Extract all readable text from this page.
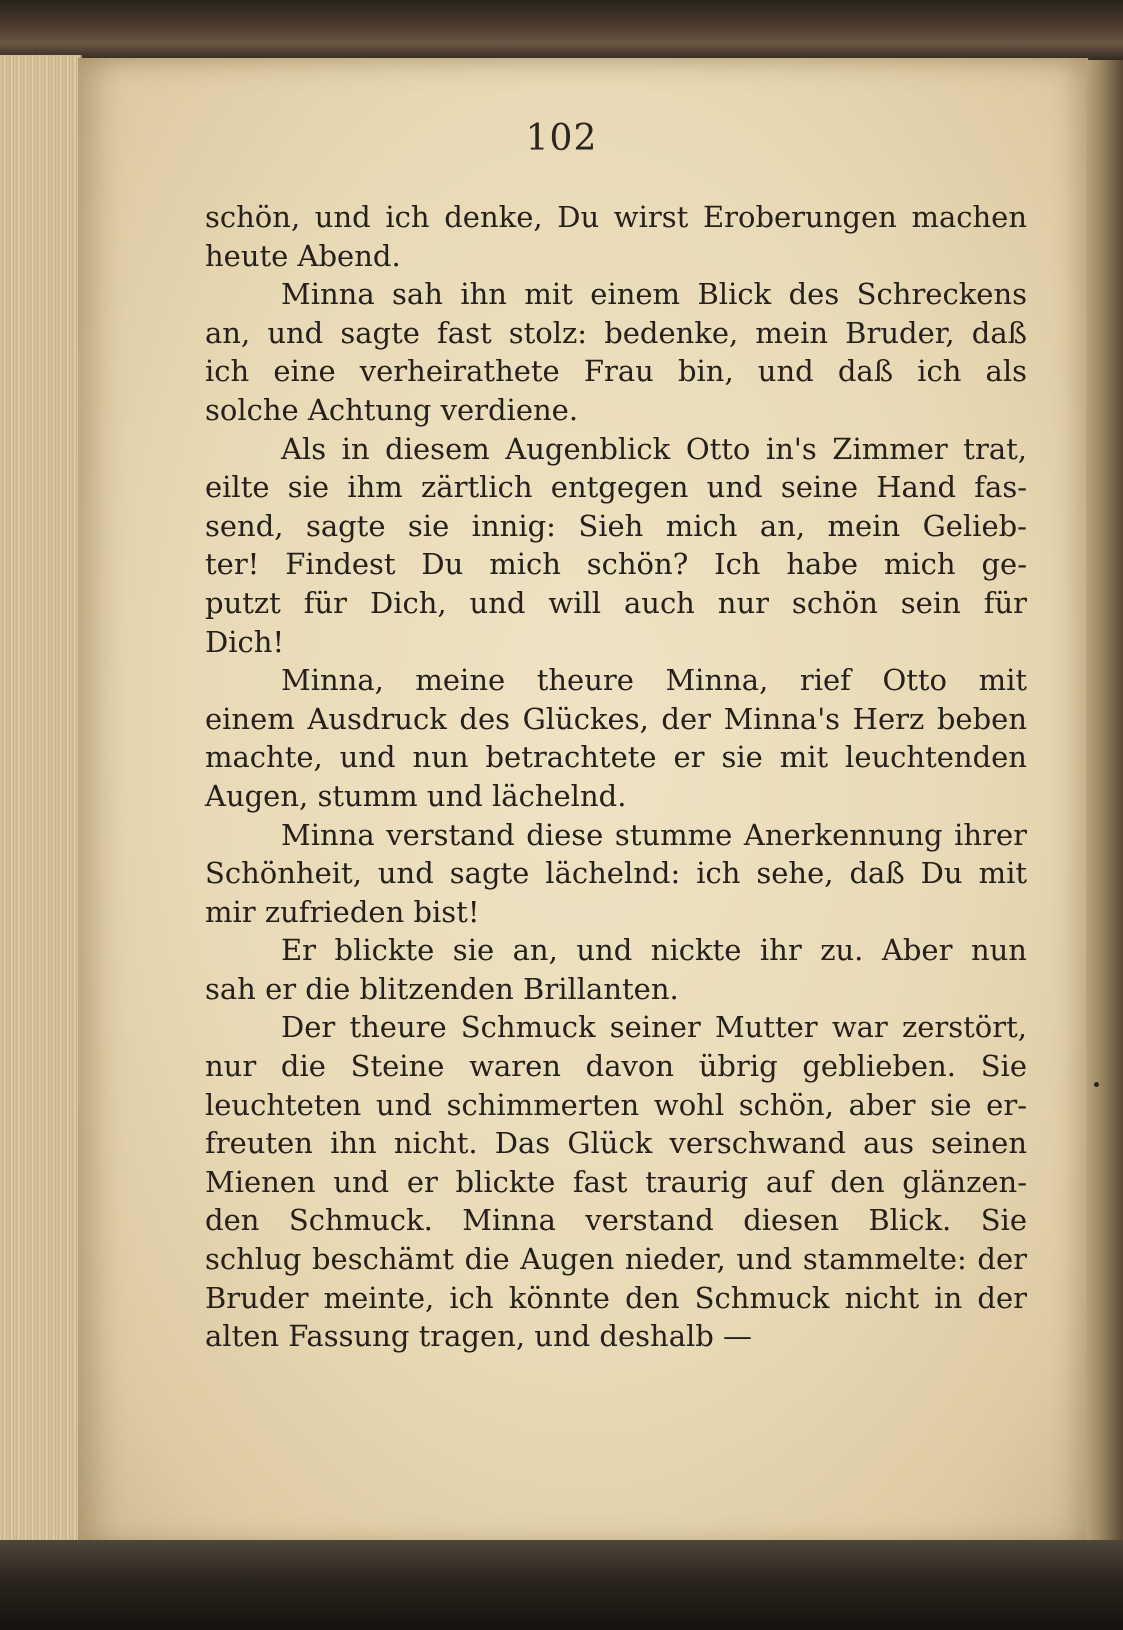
102
schön, und ich denke, Du wirst Eroberungen machen
heute Abend.
Minna sah ihn mit einem Blick des Schreckens
an, und sagte fast stolz: bedenke, mein Bruder, daß
ich eine verheirathete Frau bin, und daß ich als
solche Achtung verdiene.
Als in diesem Augenblick Otto in's Zimmer trat,
eilte sie ihm zärtlich entgegen und seine Hand fas-
send, sagte sie innig: Sieh mich an, mein Gelieb-
ter! Findest Du mich schön? Ich habe mich ge-
putzt für Dich, und will auch nur schön sein für
Dich!
Minna, meine theure Minna, rief Otto mit
einem Ausdruck des Glückes, der Minna's Herz beben
machte, und nun betrachtete er sie mit leuchtenden
Augen, stumm und lächelnd.
Minna verstand diese stumme Anerkennung ihrer
Schönheit, und sagte lächelnd: ich sehe, daß Du mit
mir zufrieden bist!
Er blickte sie an, und nickte ihr zu. Aber nun
sah er die blitzenden Brillanten.
Der theure Schmuck seiner Mutter war zerstört,
nur die Steine waren davon übrig geblieben. Sie
leuchteten und schimmerten wohl schön, aber sie er-
freuten ihn nicht. Das Glück verschwand aus seinen
Mienen und er blickte fast traurig auf den glänzen-
den Schmuck. Minna verstand diesen Blick. Sie
schlug beschämt die Augen nieder, und stammelte: der
Bruder meinte, ich könnte den Schmuck nicht in der
alten Fassung tragen, und deshalb —
